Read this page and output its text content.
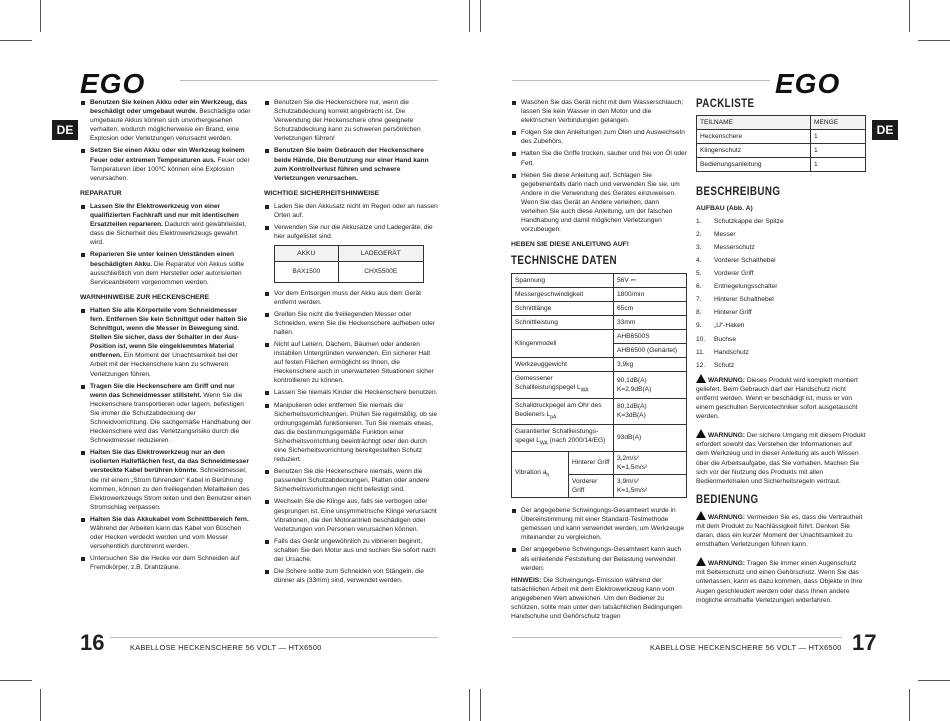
EGO	EGO
DE	DE
Benutzen Sie keinen Akku oder ein Werkzeug, das beschädigt oder umgebaut wurde. Beschädigte oder umgebaute Akkus können sich unvorhergesehen verhalten, wodurch möglicherweise ein Brand, eine Explosion oder Verletzungen verursacht werden.
Setzen Sie einen Akku oder ein Werkzeug keinem Feuer oder extremen Temperaturen aus. Feuer oder Temperaturen über 100℃ können eine Explosion verursachen.
REPARATUR
Lassen Sie Ihr Elektrowerkzeug von einer qualifizierten Fachkraft und nur mit identischen Ersatzteilen reparieren. Dadurch wird gewährleistet, dass die Sicherheit des Elektrowerkzeugs gewahrt wird.
Reparieren Sie unter keinen Umständen einen beschädigten Akku. Die Reparatur von Akkus sollte ausschließlich von dem Hersteller oder autorisierten Serviceanbietern vorgenommen werden.
WARNHINWEISE ZUR HECKENSCHERE
Halten Sie alle Körperteile vom Schneidmesser fern. Entfernen Sie kein Schnittgut oder halten Sie Schnittgut, wenn die Messer in Bewegung sind. Stellen Sie sicher, dass der Schalter in der Aus-Position ist, wenn Sie eingeklemmtes Material entfernen. Ein Moment der Unachtsamkeit bei der Arbeit mit der Heckenschere kann zu schweren Verletzungen führen.
Tragen Sie die Heckenschere am Griff und nur wenn das Schneidmesser stillsteht. Wenn Sie die Heckenschere transportieren oder lagern, befestigen Sie immer die Schutzabdeckung der Schneidvorrichtung. Die sachgemäße Handhabung der Heckenschere wird das Verletzungsrisiko durch die Schneidmesser reduzieren.
Halten Sie das Elektrowerkzeug nur an den isolierten Halteflächen fest, da das Schneidmesser versteckte Kabel berühren könnte. Schneidmesser, die mit einem „Strom führenden“ Kabel in Berührung kommen, können zu den freiliegenden Metallteilen des Elektrowerkzeugs Strom leiten und den Benutzer einen Stromschlag verpassen.
Halten Sie das Akkukabel vom Schnittbereich fern. Während der Arbeiten kann das Kabel von Büschen oder Hecken verdeckt werden und vom Messer versehentlich durchtrennt werden.
Untersuchen Sie die Hecke vor dem Schneiden auf Fremdkörper, z.B. Drahtzäune.
Benutzen Sie die Heckenschere nur, wenn die Schutzabdeckung korrekt angebracht ist. Die Verwendung der Heckenschere ohne geeignete Schutzabdeckung kann zu schweren persönlichen Verletzungen führen!
Benutzen Sie beim Gebrauch der Heckenschere beide Hände. Die Benutzung nur einer Hand kann zum Kontrollverlust führen und schwere Verletzungen verursachen.
WICHTIGE SICHERHEITSHINWEISE
Laden Sie den Akkusatz nicht im Regen oder an nassen Orten auf.
Verwenden Sie nur die Akkusätze und Ladegeräte, die hier aufgelistet sind.
AKKU	LADEGERÄT
BAX1500	CHX5500E
Vor dem Entsorgen muss der Akku aus dem Gerät entfernt werden.
Greifen Sie nicht die freiliegenden Messer oder Schneiden, wenn Sie die Heckenschere aufheben oder halten.
Nicht auf Leitern, Dächern, Bäumen oder anderen instabilen Untergründen verwenden. Ein sicherer Halt auf festen Flächen ermöglicht es Ihnen, die Heckenschere auch in unerwarteten Situationen sicher kontrollieren zu können.
Lassen Sie niemals Kinder die Heckenschere benutzen.
Manipulieren oder entfernen Sie niemals die Sicherheitsvorrichtungen. Prüfen Sie regelmäßig, ob sie ordnungsgemäß funktionieren. Tun Sie niemals etwas, das die bestimmungsgemäße Funktion einer Sicherheitsvorrichtung beeinträchtigt oder den durch eine Sicherheitsvorrichtung bereitgestellten Schutz reduziert.
Benutzen Sie die Heckenschere niemals, wenn die passenden Schutzabdeckungen, Platten oder andere Sicherheitsvorrichtungen nicht befestigt sind.
Wechseln Sie die Klinge aus, falls sie verbogen oder gesprungen ist. Eine unsymmetrische Klinge verursacht Vibrationen, die den Motorantrieb beschädigen oder Verletzungen von Personen verursachen können.
Falls das Gerät ungewöhnlich zu vibrieren beginnt, schalten Sie den Motor aus und suchen Sie sofort nach der Ursache.
Die Schere sollte zum Schneiden von Stängeln, die dünner als (33mm) sind, verwendet werden.
Waschen Sie das Gerät nicht mit dem Wasserschlauch; lassen Sie kein Wasser in den Motor und die elektrischen Verbindungen gelangen.
Folgen Sie den Anleitungen zum Ölen und Auswechseln des Zubehörs.
Halten Sie die Griffe trocken, sauber und frei von Öl oder Fett.
Heben Sie diese Anleitung auf. Schlagen Sie gegebenenfalls darin nach und verwenden Sie sie, um Andere in die Verwendung des Gerätes einzuweisen. Wenn Sie das Gerät an Andere verleihen, dann verleihen Sie auch diese Anleitung, um der falschen Handhabung und damit möglichen Verletzungen vorzubeugen.
HEBEN SIE DIESE ANLEITUNG AUF!
TECHNISCHE DATEN
Spannung		56V ⎓

Messergeschwindigkeit		1800/min

Schnittlänge		65cm

Schnittleistung		33mm

Klingenmodell		AHB6500S

		AHB6500 (Gehärtet)
Werkzeuggewicht		3,9kg

Gemessener Schallleistungspegel $L_{WA}$		90,1dB(A)
K=2,9dB(A)

Schalldruckpegel am Ohr des Bedieners $L_{pA}$		80,1dB(A)
K=3dB(A)

Garantierter Schallleistungs-spegel $L_{WA}$ (nach 2000/14/EG)		93dB(A)

Vibration $a_h$	Hinterer Griff	3,2m/s²
K=1,5m/s²

	Vorderer Griff	3,9m/s²
K=1,5m/s²
Der angegebene Schwingungs-Gesamtwert wurde in Übereinstimmung mit einer Standard-Testmethode gemessen und kann verwendet werden, um Werkzeuge miteinander zu vergleichen.
Der angegebene Schwingungs-Gesamtwert kann auch als einleitende Feststellung der Belastung verwendet werden.

HINWEIS: Die Schwingungs-Emission während der tatsächlichen Arbeit mit dem Elektrowerkzeug kann vom angegebenen Wert abweichen. Um den Bediener zu schützen, sollte man unter den tatsächlichen Bedingungen Handschuhe und Gehörschutz tragen

PACKLISTE
TEILNAME	MENGE
Heckenschere	1
Klingenschutz	1
Bedienungsanleitung	1
BESCHREIBUNG
AUFBAU (Abb. A)
1. Schutzkappe der Spitze
2. Messer
3. Messerschutz
4. Vorderer Schalthebel
5. Vorderer Griff
6. Entriegelungsschalter
7. Hinterer Schalthebel
8. Hinterer Griff
9. „U“-Haken
10. Buchse
11. Handschutz
12. Schutz

WARNUNG: Dieses Produkt wird komplett montiert geliefert. Beim Gebrauch darf der Handschutz nicht entfernt werden. Wenn er beschädigt ist, muss er von einem geschulten Servicetechniker sofort ausgetauscht werden.

WARNUNG: Der sichere Umgang mit diesem Produkt erfordert sowohl das Verstehen der Informationen auf dem Werkzeug und in dieser Anleitung als auch Wissen über die Arbeitsaufgabe, das Sie vorhaben. Machen Sie sich vor der Nutzung des Produkts mit allen Bedienmerkmalen und Sicherheitsregeln vertraut.

BEDIENUNG

WARNUNG: Vermeiden Sie es, dass die Vertrautheit mit dem Produkt zu Nachlässigkeit führt. Denken Sie daran, dass ein kurzer Moment der Unachtsamkeit zu ernsthaften Verletzungen führen kann.

WARNUNG: Tragen Sie immer einen Augenschutz mit Seitenschutz und einen Gehörschutz. Wenn Sie das unterlassen, kann es dazu kommen, dass Objekte in Ihre Augen geschleudert werden oder dass Ihnen andere mögliche ernsthafte Verletzungen widerfahren.

16	KABELLOSE HECKENSCHERE 56 VOLT — HTX6500	17
KABELLOSE HECKENSCHERE 56 VOLT — HTX6500
